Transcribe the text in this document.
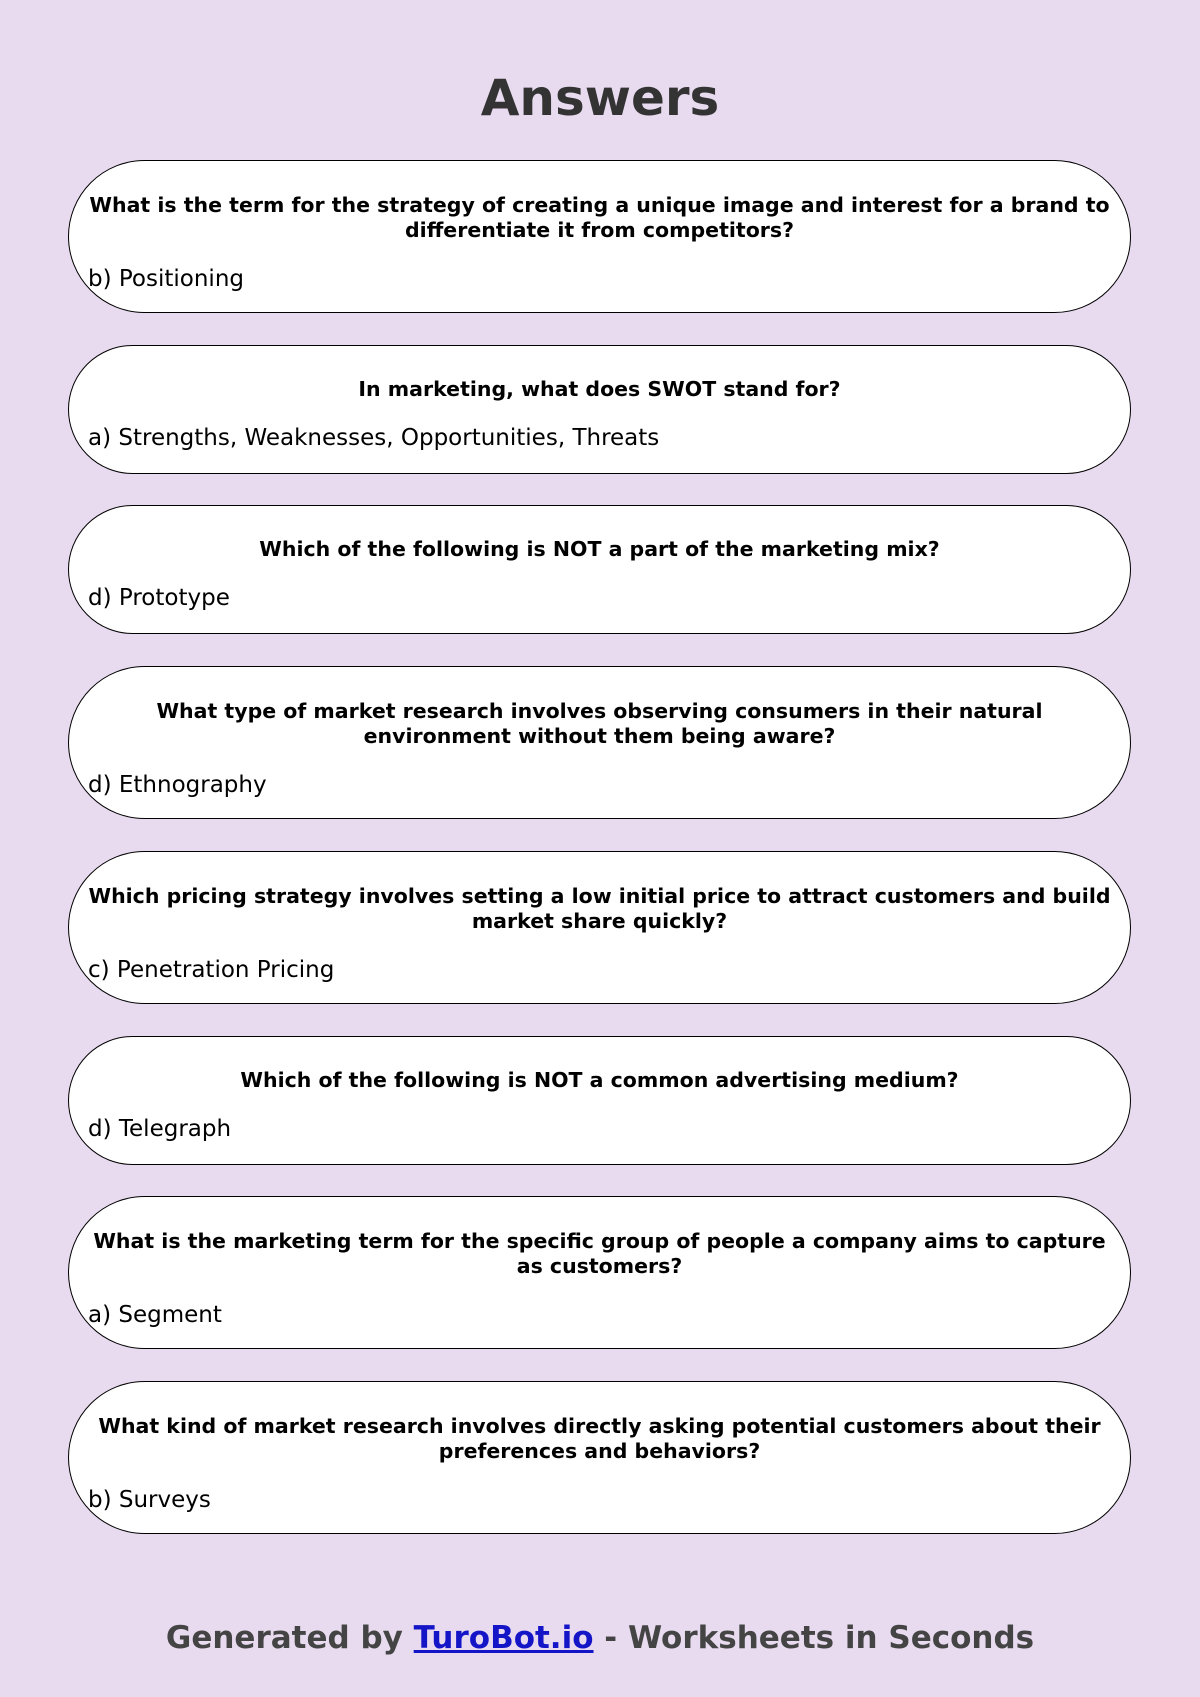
Answers

What is the term for the strategy of creating a unique image and interest for a brand to differentiate it from competitors?

b) Positioning

In marketing, what does SWOT stand for?

a) Strengths, Weaknesses, Opportunities, Threats

Which of the following is NOT a part of the marketing mix?

d) Prototype

What type of market research involves observing consumers in their natural environment without them being aware?

d) Ethnography

Which pricing strategy involves setting a low initial price to attract customers and build market share quickly?

c) Penetration Pricing

Which of the following is NOT a common advertising medium?

d) Telegraph

What is the marketing term for the specific group of people a company aims to capture as customers?

a) Segment

What kind of market research involves directly asking potential customers about their preferences and behaviors?

b) Surveys

Generated by TuroBot.io - Worksheets in Seconds
